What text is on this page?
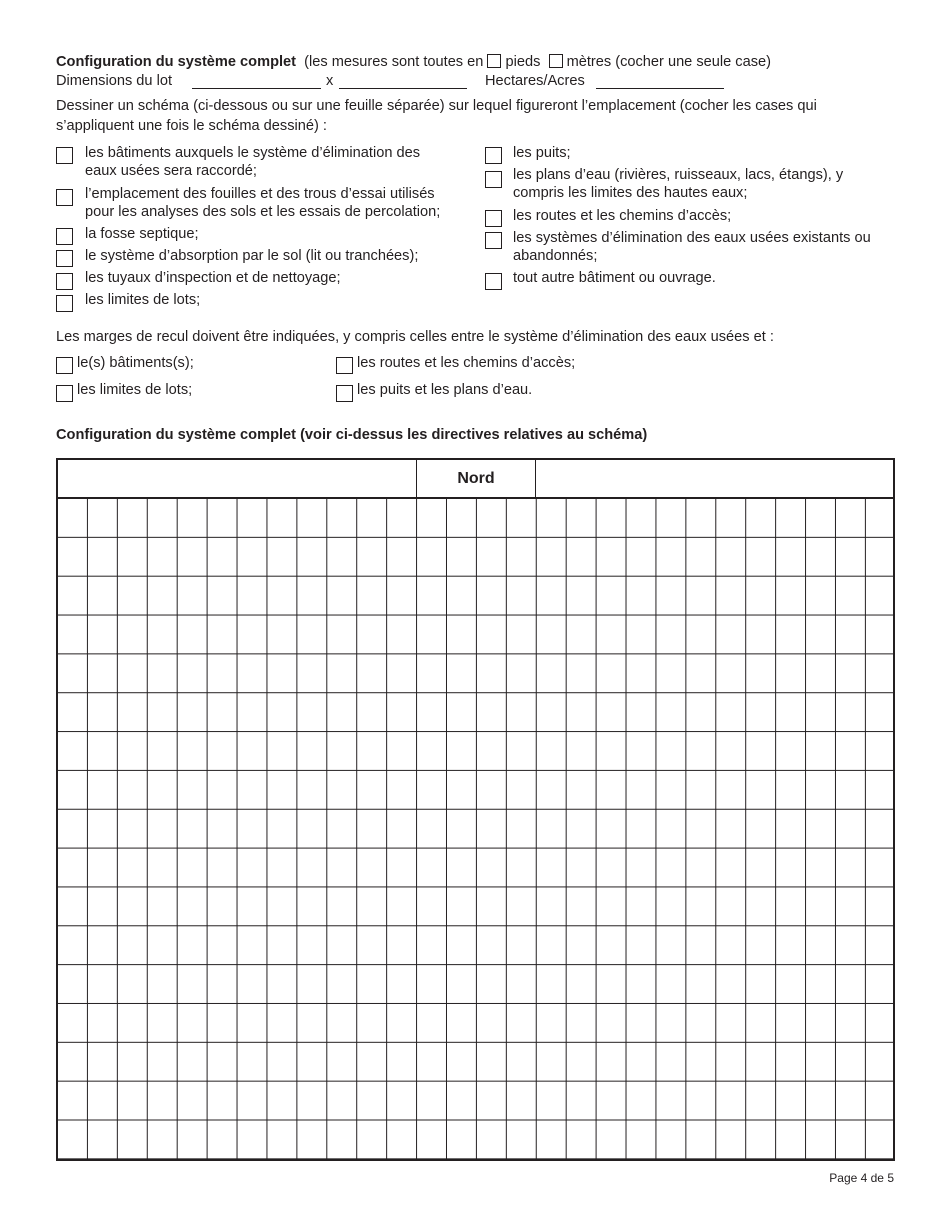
Configuration du système complet (les mesures sont toutes en pieds mètres (cocher une seule case)
Dimensions du lot	x	Hectares/Acres
Dessiner un schéma (ci-dessous ou sur une feuille séparée) sur lequel figureront l’emplacement (cocher les cases qui s’appliquent une fois le schéma dessiné) :
les bâtiments auxquels le système d’élimination des
eaux usées sera raccordé;
l’emplacement des fouilles et des trous d’essai utilisés
pour les analyses des sols et les essais de percolation;
la fosse septique;
le système d’absorption par le sol (lit ou tranchées);
les tuyaux d’inspection et de nettoyage;
les limites de lots;
les puits;
les plans d’eau (rivières, ruisseaux, lacs, étangs), y
compris les limites des hautes eaux;
les routes et les chemins d’accès;
les systèmes d’élimination des eaux usées existants ou
abandonnés;
tout autre bâtiment ou ouvrage.
Les marges de recul doivent être indiquées, y compris celles entre le système d’élimination des eaux usées et :
le(s) bâtiments(s);	les routes et les chemins d’accès;
les limites de lots;	les puits et les plans d’eau.
Configuration du système complet (voir ci-dessus les directives relatives au schéma)
Nord
Page 4 de 5
